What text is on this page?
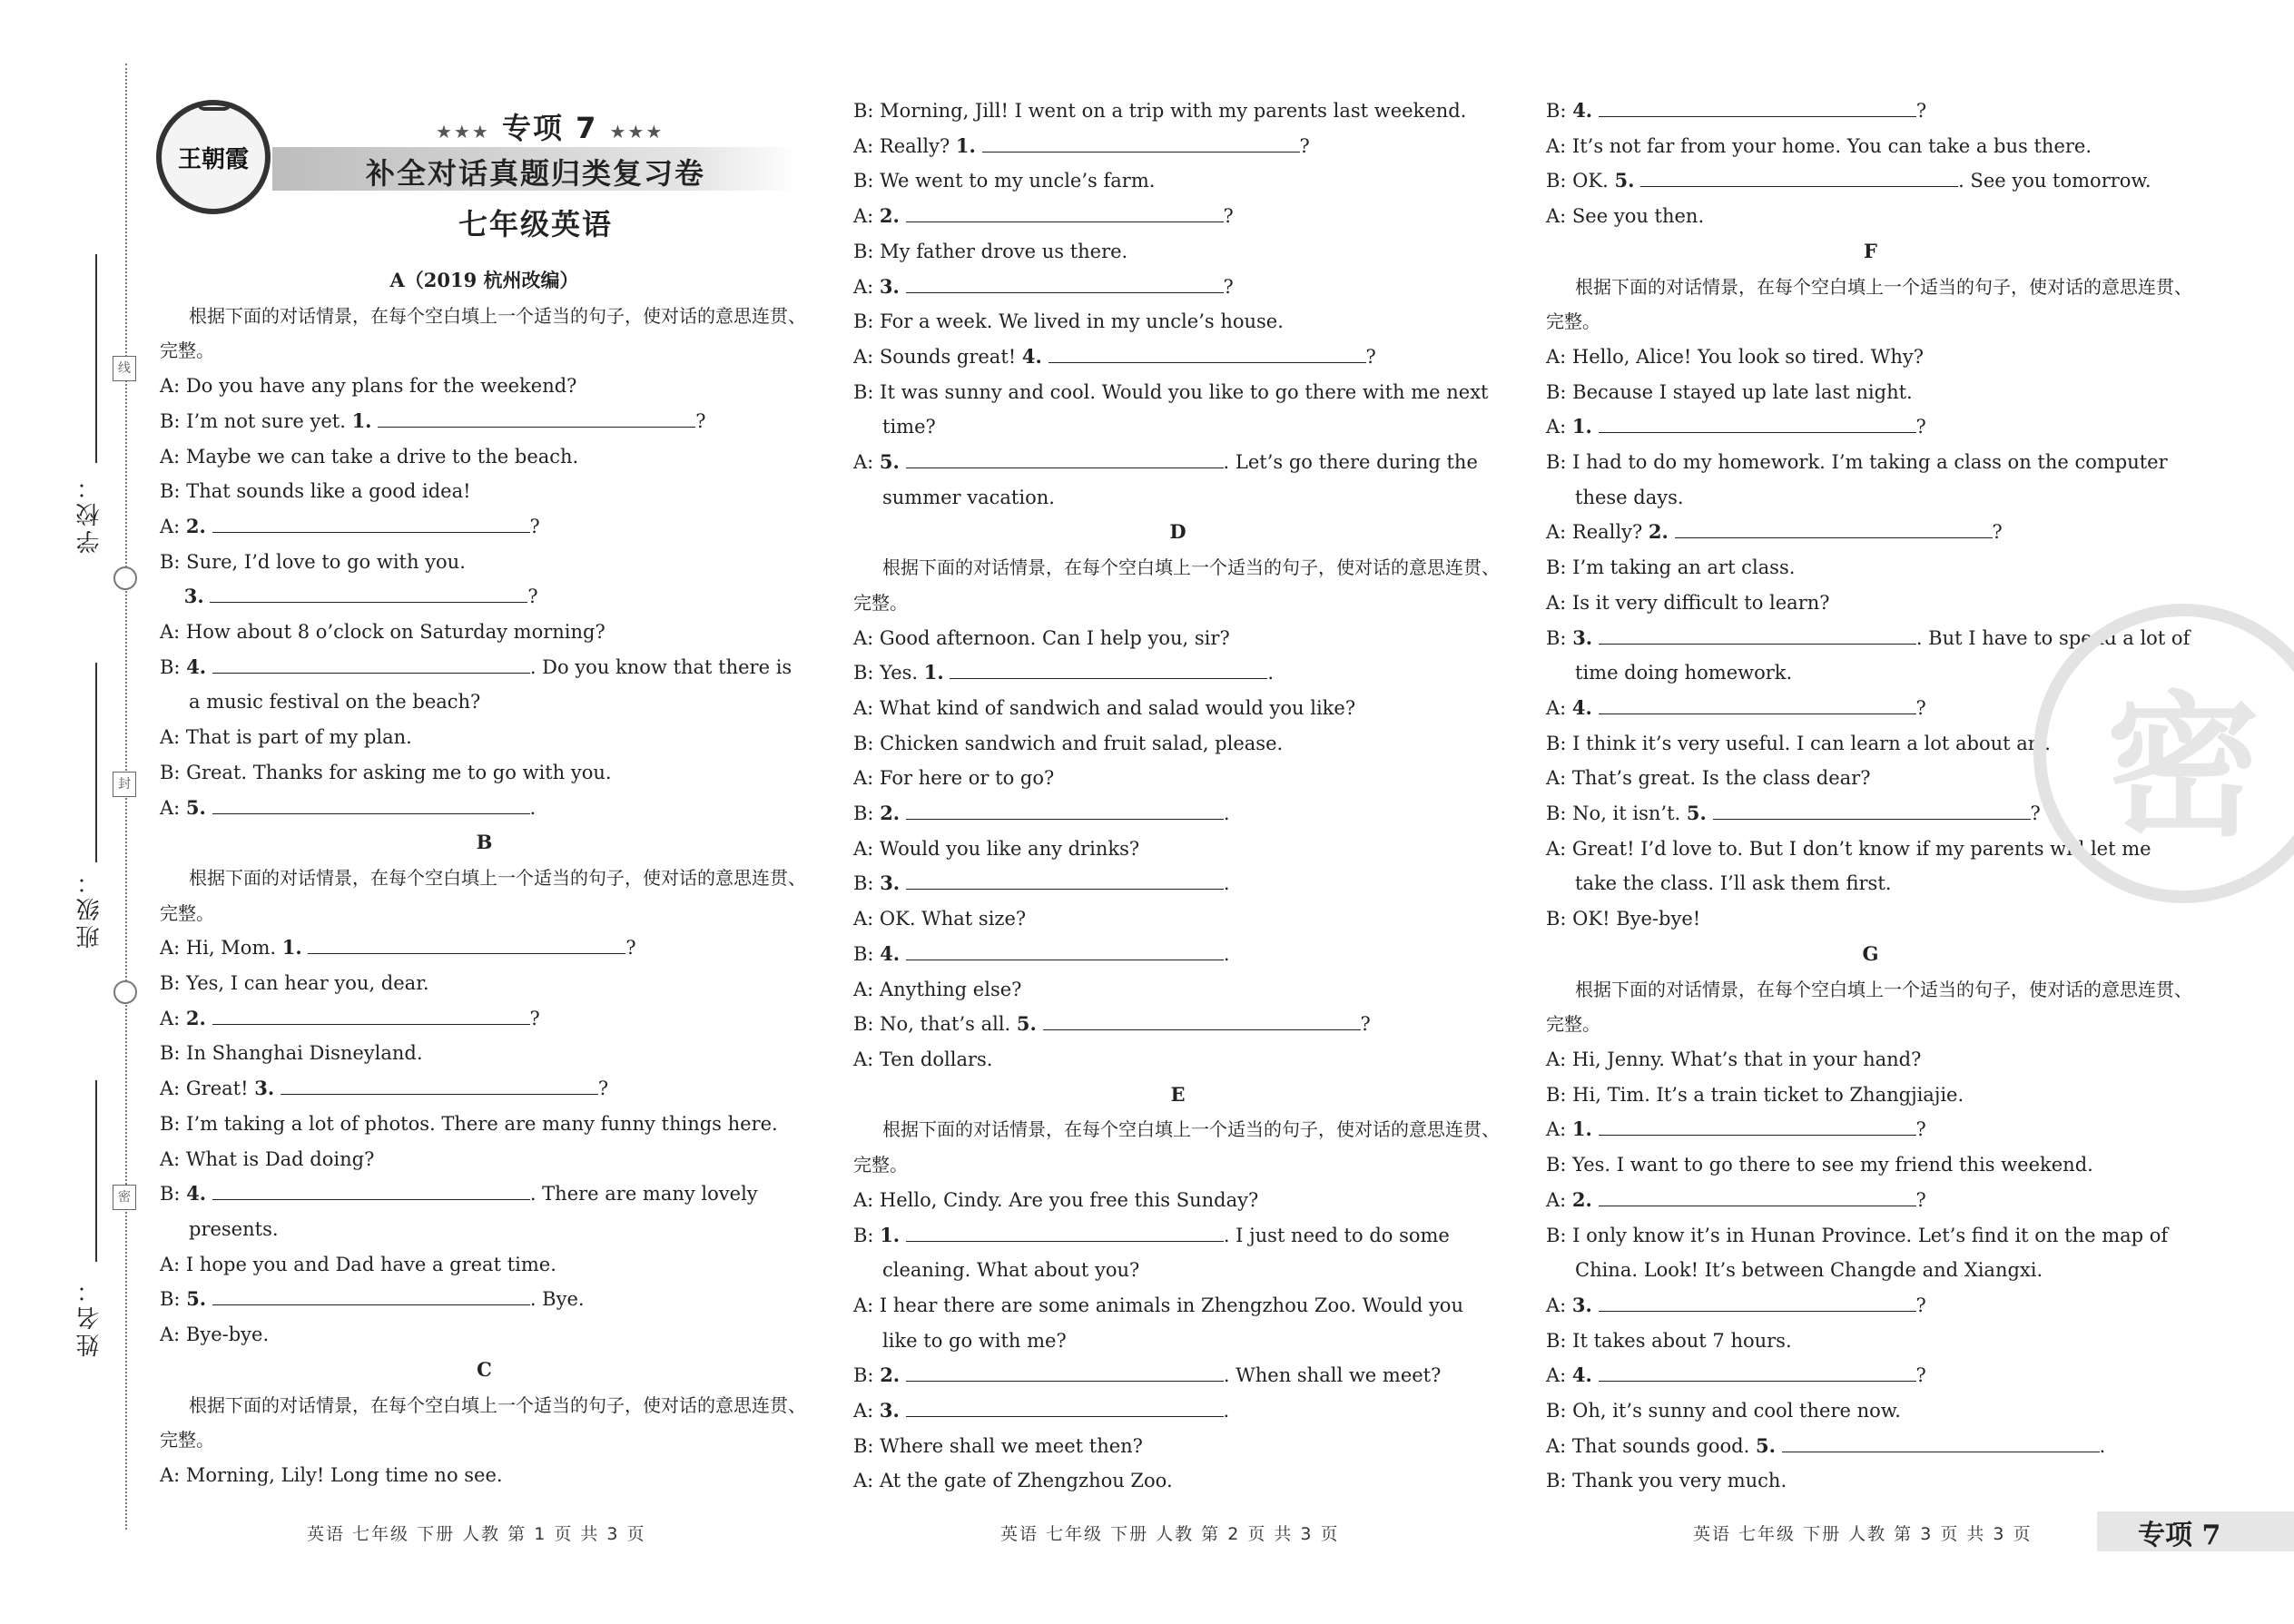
学校：
班级：
姓名：
线
封
密
王朝霞
★★★ 专项 7 ★★★
补全对话真题归类复习卷
七年级英语

A（2019 杭州改编）

根据下面的对话情景，在每个空白填上一个适当的句子，使对话的意思连贯、完整。

A: Do you have any plans for the weekend?

B: I’m not sure yet. 1.	?

A: Maybe we can take a drive to the beach.

B: That sounds like a good idea!

A: 2.	?

B: Sure, I’d love to go with you.

3.	?

A: How about 8 o’clock on Saturday morning?

B: 4.	. Do you know that there is a music festival on the beach?

A: That is part of my plan.

B: Great. Thanks for asking me to go with you.

A: 5.	.

B

根据下面的对话情景，在每个空白填上一个适当的句子，使对话的意思连贯、完整。

A: Hi, Mom. 1.	?

B: Yes, I can hear you, dear.

A: 2.	?

B: In Shanghai Disneyland.

A: Great! 3.	?

B: I’m taking a lot of photos. There are many funny things here.

A: What is Dad doing?

B: 4.	. There are many lovely presents.

A: I hope you and Dad have a great time.

B: 5.	. Bye.

A: Bye-bye.

C

根据下面的对话情景，在每个空白填上一个适当的句子，使对话的意思连贯、完整。

A: Morning, Lily! Long time no see.

B: Morning, Jill! I went on a trip with my parents last weekend.

A: Really? 1.	?

B: We went to my uncle’s farm.

A: 2.	?

B: My father drove us there.

A: 3.	?

B: For a week. We lived in my uncle’s house.

A: Sounds great! 4.	?

B: It was sunny and cool. Would you like to go there with me next time?

A: 5.	. Let’s go there during the summer vacation.

D

根据下面的对话情景，在每个空白填上一个适当的句子，使对话的意思连贯、完整。

A: Good afternoon. Can I help you, sir?

B: Yes. 1.	.

A: What kind of sandwich and salad would you like?

B: Chicken sandwich and fruit salad, please.

A: For here or to go?

B: 2.	.

A: Would you like any drinks?

B: 3.	.

A: OK. What size?

B: 4.	.

A: Anything else?

B: No, that’s all. 5.	?

A: Ten dollars.

E

根据下面的对话情景，在每个空白填上一个适当的句子，使对话的意思连贯、完整。

A: Hello, Cindy. Are you free this Sunday?

B: 1.	. I just need to do some cleaning. What about you?

A: I hear there are some animals in Zhengzhou Zoo. Would you like to go with me?

B: 2.	. When shall we meet?

A: 3.	.

B: Where shall we meet then?

A: At the gate of Zhengzhou Zoo.

B: 4.	?

A: It’s not far from your home. You can take a bus there.

B: OK. 5.	. See you tomorrow.

A: See you then.

F

根据下面的对话情景，在每个空白填上一个适当的句子，使对话的意思连贯、完整。

A: Hello, Alice! You look so tired. Why?

B: Because I stayed up late last night.

A: 1.	?

B: I had to do my homework. I’m taking a class on the computer these days.

A: Really? 2.	?

B: I’m taking an art class.

A: Is it very difficult to learn?

B: 3.	. But I have to spend a lot of time doing homework.

A: 4.	?

B: I think it’s very useful. I can learn a lot about art.

A: That’s great. Is the class dear?

B: No, it isn’t. 5.	?

A: Great! I’d love to. But I don’t know if my parents will let me take the class. I’ll ask them first.

B: OK! Bye-bye!

G

根据下面的对话情景，在每个空白填上一个适当的句子，使对话的意思连贯、完整。

A: Hi, Jenny. What’s that in your hand?

B: Hi, Tim. It’s a train ticket to Zhangjiajie.

A: 1.	?

B: Yes. I want to go there to see my friend this weekend.

A: 2.	?

B: I only know it’s in Hunan Province. Let’s find it on the map of China. Look! It’s between Changde and Xiangxi.

A: 3.	?

B: It takes about 7 hours.

A: 4.	?

B: Oh, it’s sunny and cool there now.

A: That sounds good. 5.	.

B: Thank you very much.

密
英语 七年级 下册 人教 第 1 页 共 3 页	英语 七年级 下册 人教 第 2 页 共 3 页	英语 七年级 下册 人教 第 3 页 共 3 页	专项 7
